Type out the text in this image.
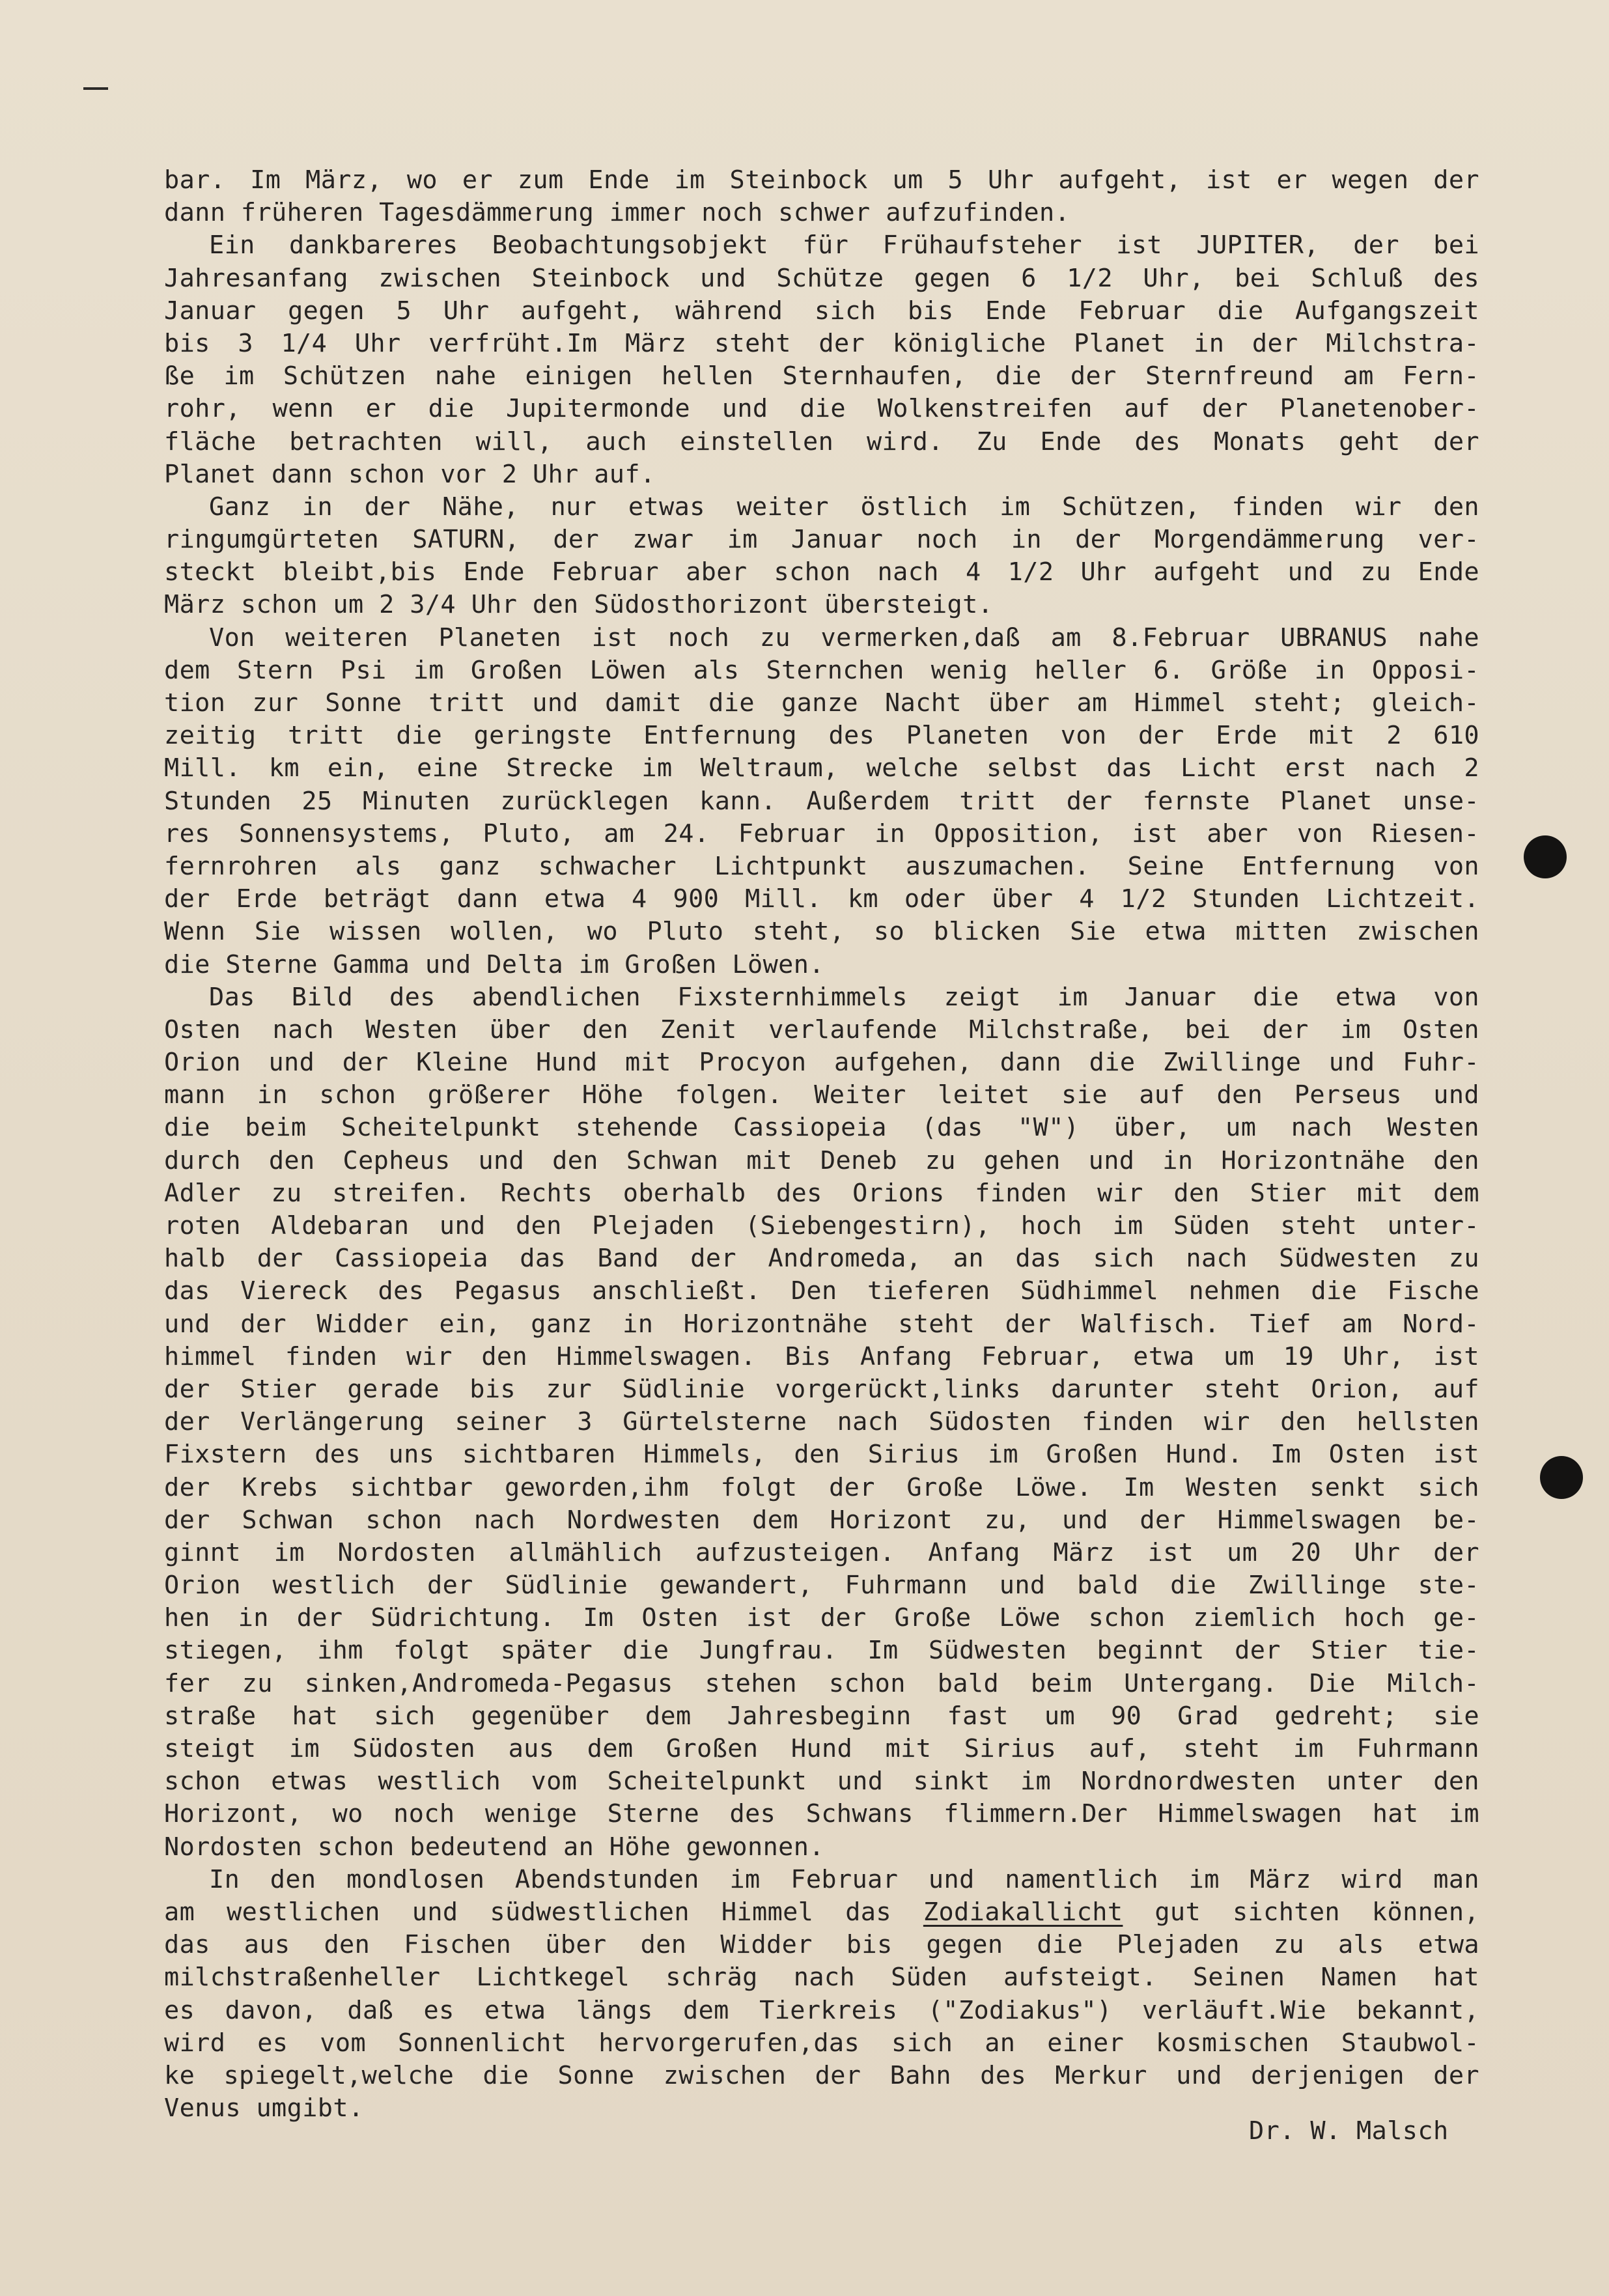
bar. Im März, wo er zum Ende im Steinbock um 5 Uhr aufgeht, ist er wegen der
dann früheren Tagesdämmerung immer noch schwer aufzufinden.
Ein dankbareres Beobachtungsobjekt für Frühaufsteher ist JUPITER, der bei
Jahresanfang zwischen Steinbock und Schütze gegen 6 1/2 Uhr, bei Schluß des
Januar gegen 5 Uhr aufgeht, während sich bis Ende Februar die Aufgangszeit
bis 3 1/4 Uhr verfrüht.Im März steht der königliche Planet in der Milchstra-
ße im Schützen nahe einigen hellen Sternhaufen, die der Sternfreund am Fern-
rohr, wenn er die Jupitermonde und die Wolkenstreifen auf der Planetenober-
fläche betrachten will, auch einstellen wird. Zu Ende des Monats geht der
Planet dann schon vor 2 Uhr auf.
Ganz in der Nähe, nur etwas weiter östlich im Schützen, finden wir den
ringumgürteten SATURN, der zwar im Januar noch in der Morgendämmerung ver-
steckt bleibt,bis Ende Februar aber schon nach 4 1/2 Uhr aufgeht und zu Ende
März schon um 2 3/4 Uhr den Südosthorizont übersteigt.
Von weiteren Planeten ist noch zu vermerken,daß am 8.Februar UBRANUS nahe
dem Stern Psi im Großen Löwen als Sternchen wenig heller 6. Größe in Opposi-
tion zur Sonne tritt und damit die ganze Nacht über am Himmel steht; gleich-
zeitig tritt die geringste Entfernung des Planeten von der Erde mit 2 610
Mill. km ein, eine Strecke im Weltraum, welche selbst das Licht erst nach 2
Stunden 25 Minuten zurücklegen kann. Außerdem tritt der fernste Planet unse-
res Sonnensystems, Pluto, am 24. Februar in Opposition, ist aber von Riesen-
fernrohren als ganz schwacher Lichtpunkt auszumachen. Seine Entfernung von
der Erde beträgt dann etwa 4 900 Mill. km oder über 4 1/2 Stunden Lichtzeit.
Wenn Sie wissen wollen, wo Pluto steht, so blicken Sie etwa mitten zwischen
die Sterne Gamma und Delta im Großen Löwen.
Das Bild des abendlichen Fixsternhimmels zeigt im Januar die etwa von
Osten nach Westen über den Zenit verlaufende Milchstraße, bei der im Osten
Orion und der Kleine Hund mit Procyon aufgehen, dann die Zwillinge und Fuhr-
mann in schon größerer Höhe folgen. Weiter leitet sie auf den Perseus und
die beim Scheitelpunkt stehende Cassiopeia (das "W") über, um nach Westen
durch den Cepheus und den Schwan mit Deneb zu gehen und in Horizontnähe den
Adler zu streifen. Rechts oberhalb des Orions finden wir den Stier mit dem
roten Aldebaran und den Plejaden (Siebengestirn), hoch im Süden steht unter-
halb der Cassiopeia das Band der Andromeda, an das sich nach Südwesten zu
das Viereck des Pegasus anschließt. Den tieferen Südhimmel nehmen die Fische
und der Widder ein, ganz in Horizontnähe steht der Walfisch. Tief am Nord-
himmel finden wir den Himmelswagen. Bis Anfang Februar, etwa um 19 Uhr, ist
der Stier gerade bis zur Südlinie vorgerückt,links darunter steht Orion, auf
der Verlängerung seiner 3 Gürtelsterne nach Südosten finden wir den hellsten
Fixstern des uns sichtbaren Himmels, den Sirius im Großen Hund. Im Osten ist
der Krebs sichtbar geworden,ihm folgt der Große Löwe. Im Westen senkt sich
der Schwan schon nach Nordwesten dem Horizont zu, und der Himmelswagen be-
ginnt im Nordosten allmählich aufzusteigen. Anfang März ist um 20 Uhr der
Orion westlich der Südlinie gewandert, Fuhrmann und bald die Zwillinge ste-
hen in der Südrichtung. Im Osten ist der Große Löwe schon ziemlich hoch ge-
stiegen, ihm folgt später die Jungfrau. Im Südwesten beginnt der Stier tie-
fer zu sinken,Andromeda-Pegasus stehen schon bald beim Untergang. Die Milch-
straße hat sich gegenüber dem Jahresbeginn fast um 90 Grad gedreht; sie
steigt im Südosten aus dem Großen Hund mit Sirius auf, steht im Fuhrmann
schon etwas westlich vom Scheitelpunkt und sinkt im Nordnordwesten unter den
Horizont, wo noch wenige Sterne des Schwans flimmern.Der Himmelswagen hat im
Nordosten schon bedeutend an Höhe gewonnen.
In den mondlosen Abendstunden im Februar und namentlich im März wird man
am westlichen und südwestlichen Himmel das Zodiakallicht gut sichten können,
das aus den Fischen über den Widder bis gegen die Plejaden zu als etwa
milchstraßenheller Lichtkegel schräg nach Süden aufsteigt. Seinen Namen hat
es davon, daß es etwa längs dem Tierkreis ("Zodiakus") verläuft.Wie bekannt,
wird es vom Sonnenlicht hervorgerufen,das sich an einer kosmischen Staubwol-
ke spiegelt,welche die Sonne zwischen der Bahn des Merkur und derjenigen der
Venus umgibt.
Dr. W. Malsch
